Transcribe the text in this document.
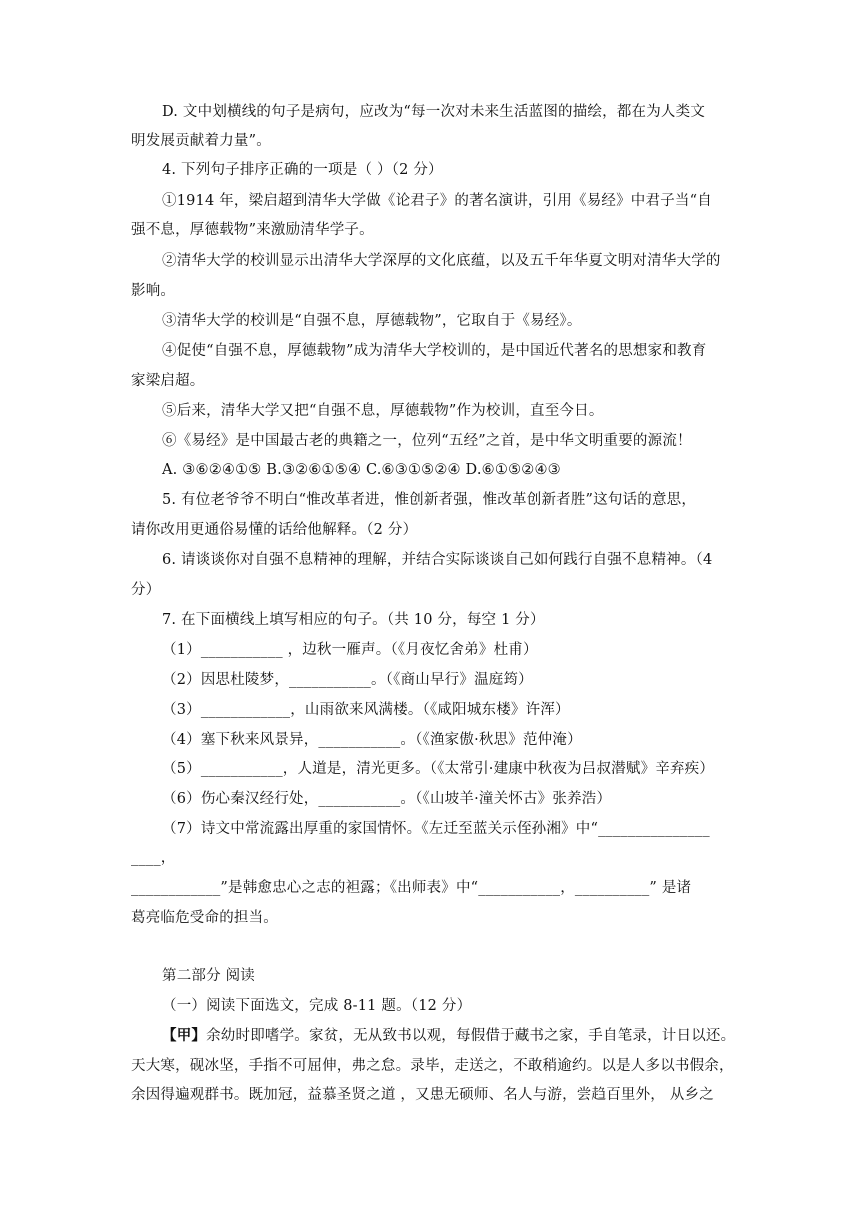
D. 文中划横线的句子是病句，应改为“每一次对未来生活蓝图的描绘，都在为人类文
明发展贡献着力量”。
4. 下列句子排序正确的一项是（ ）（2 分）
①1914 年，梁启超到清华大学做《论君子》的著名演讲，引用《易经》中君子当“自
强不息，厚德载物”来激励清华学子。
②清华大学的校训显示出清华大学深厚的文化底蕴，以及五千年华夏文明对清华大学的
影响。
③清华大学的校训是“自强不息，厚德载物”，它取自于《易经》。
④促使“自强不息，厚德载物”成为清华大学校训的，是中国近代著名的思想家和教育
家梁启超。
⑤后来，清华大学又把“自强不息，厚德载物”作为校训，直至今日。
⑥《易经》是中国最古老的典籍之一，位列“五经”之首，是中华文明重要的源流！
A. ③⑥②④①⑤ B.③②⑥①⑤④ C.⑥③①⑤②④ D.⑥①⑤②④③
5. 有位老爷爷不明白“惟改革者进，惟创新者强，惟改革创新者胜”这句话的意思，
请你改用更通俗易懂的话给他解释。（2 分）
6. 请谈谈你对自强不息精神的理解，并结合实际谈谈自己如何践行自强不息精神。（4
分）
7. 在下面横线上填写相应的句子。（共 10 分，每空 1 分）
（1）___________ ，边秋一雁声。（《月夜忆舍弟》杜甫）
（2）因思杜陵梦，___________。（《商山早行》温庭筠）
（3）____________，山雨欲来风满楼。（《咸阳城东楼》许浑）
（4）塞下秋来风景异，___________。（《渔家傲·秋思》范仲淹）
（5）___________，人道是，清光更多。（《太常引·建康中秋夜为吕叔潜赋》辛弃疾）
（6）伤心秦汉经行处，___________。（《山坡羊·潼关怀古》张养浩）
（7）诗文中常流露出厚重的家国情怀。《左迁至蓝关示侄孙湘》中“_______________
____，
____________”是韩愈忠心之志的袒露；《出师表》中“___________，__________” 是诸
葛亮临危受命的担当。
第二部分 阅读
（一）阅读下面选文，完成 8-11 题。（12 分）
【甲】余幼时即嗜学。家贫，无从致书以观，每假借于藏书之家，手自笔录，计日以还。
天大寒，砚冰坚，手指不可屈伸，弗之怠。录毕，走送之，不敢稍逾约。以是人多以书假余，
余因得遍观群书。既加冠，益慕圣贤之道 ，又患无硕师、名人与游，尝趋百里外， 从乡之
